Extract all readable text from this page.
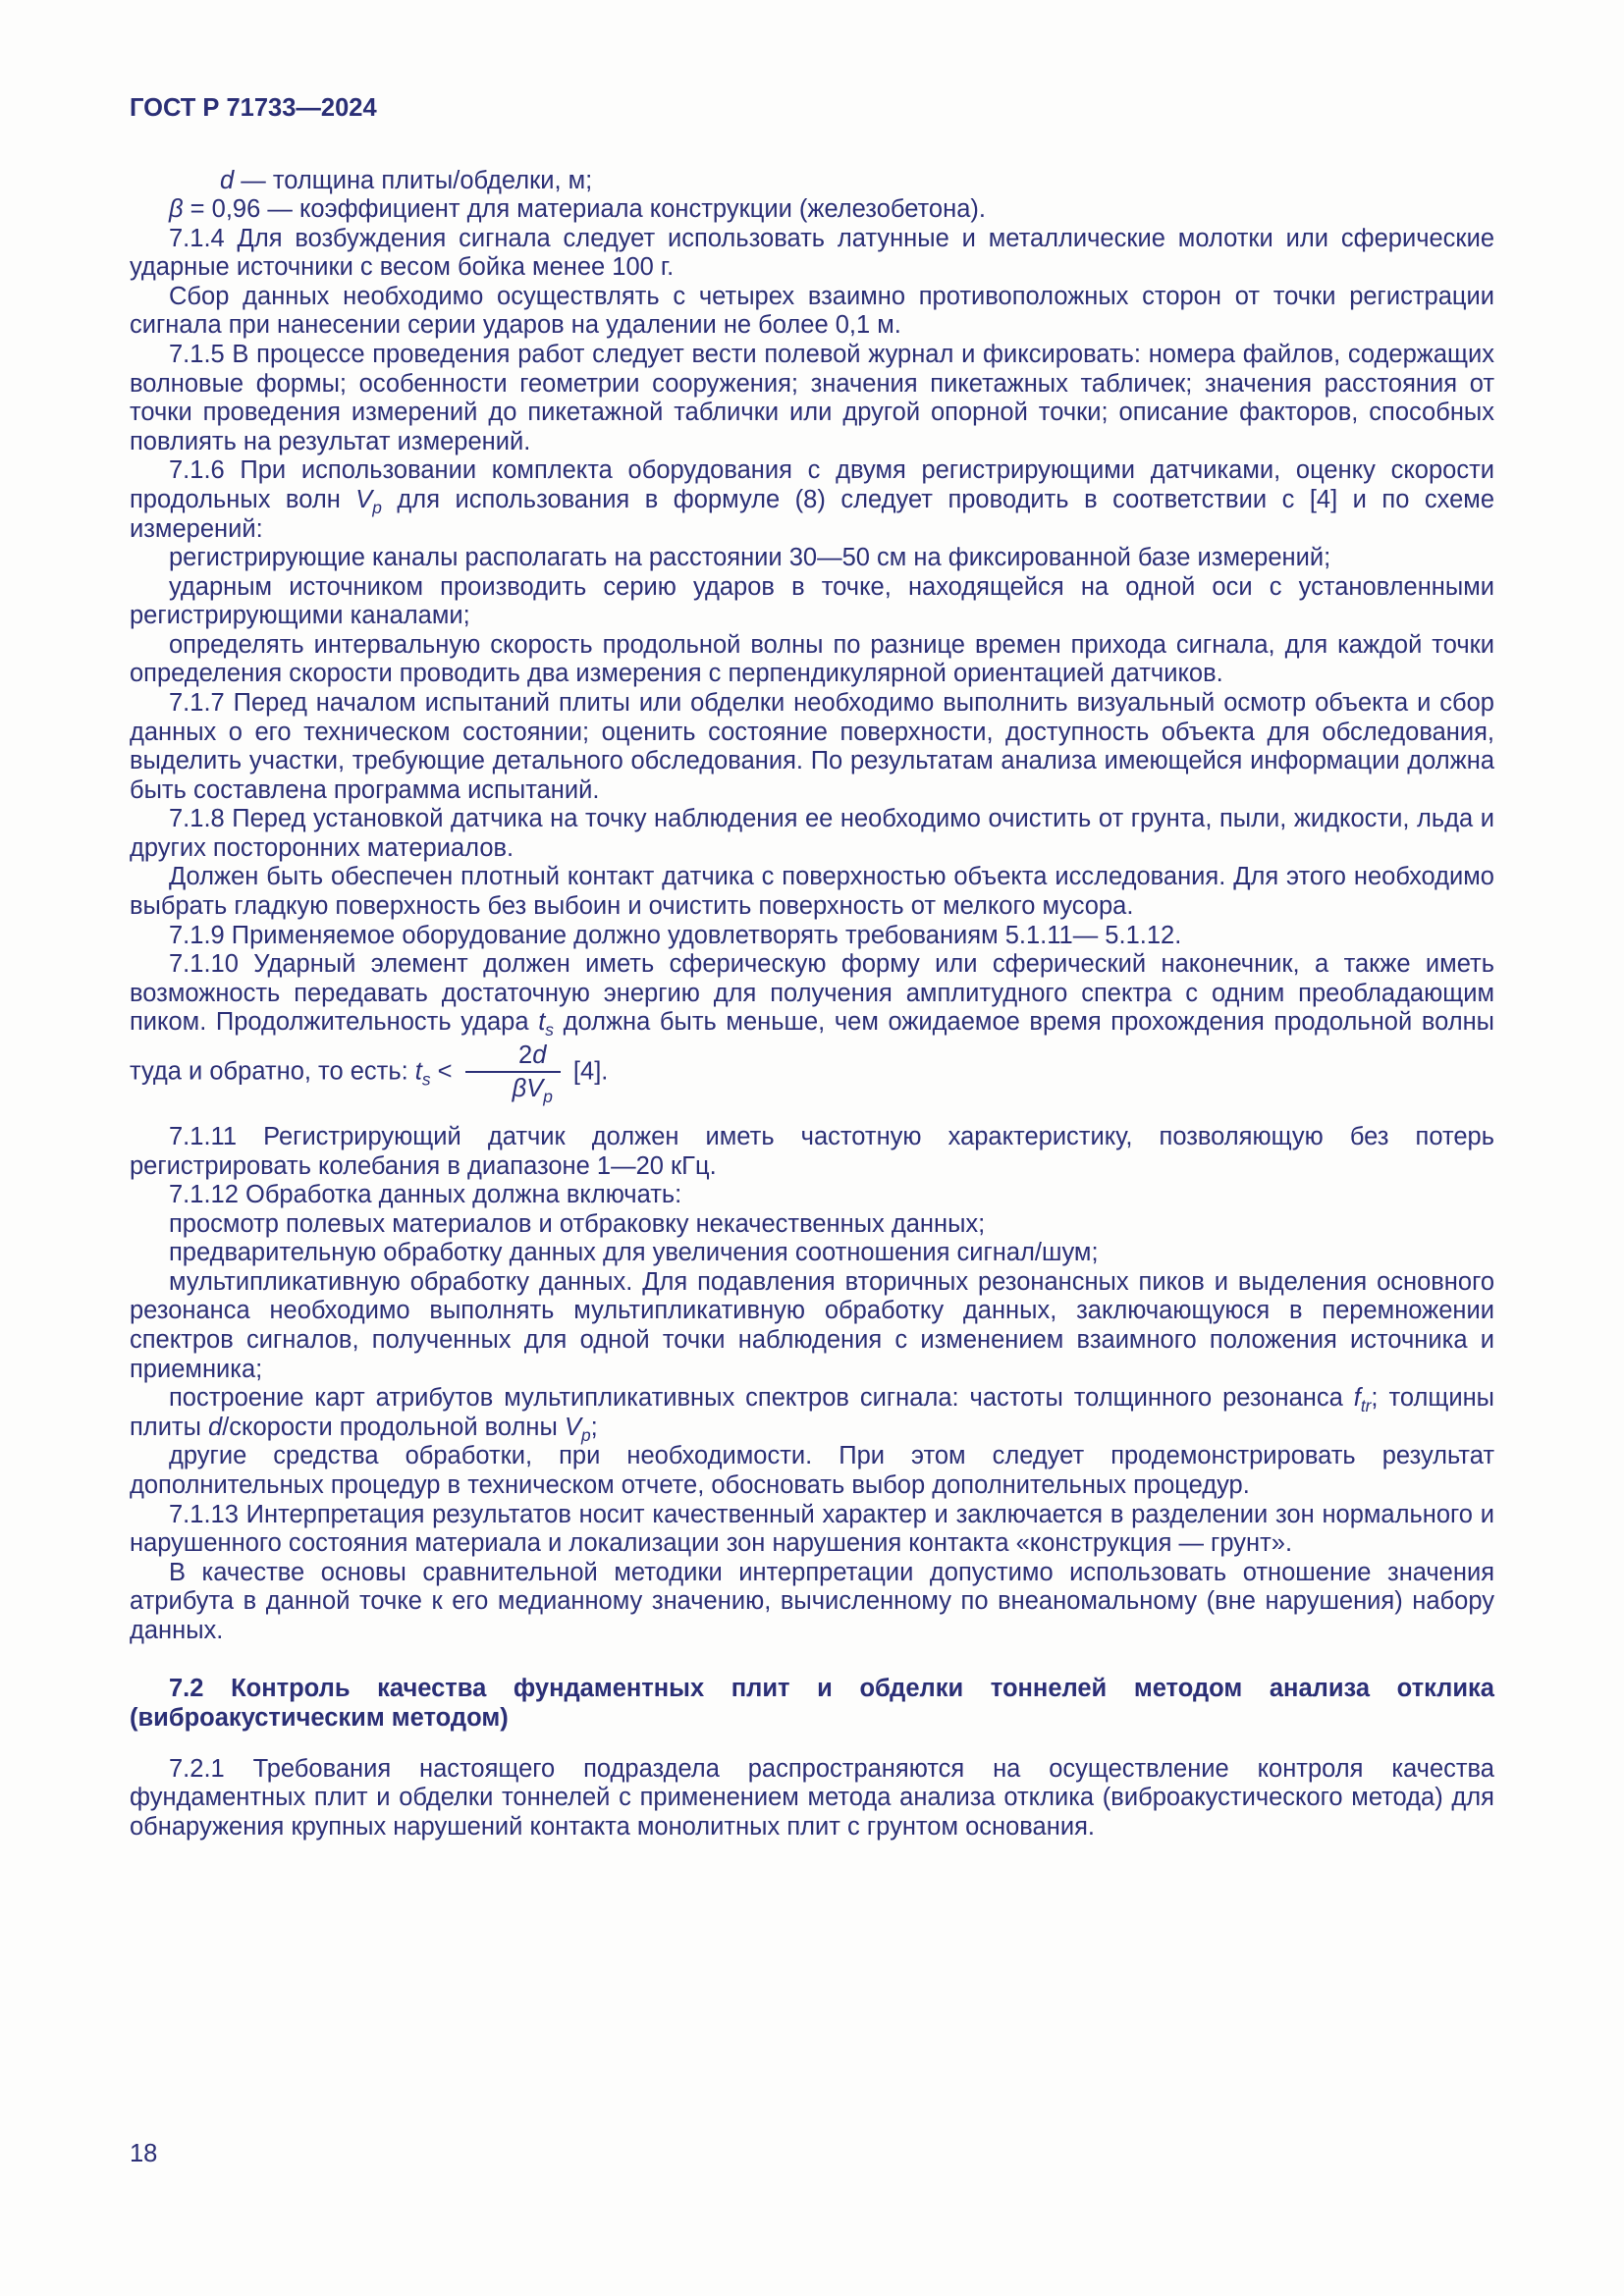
ГОСТ Р 71733—2024

d — толщина плиты/обделки, м;

β = 0,96 — коэффициент для материала конструкции (железобетона).

7.1.4 Для возбуждения сигнала следует использовать латунные и металлические молотки или сферические ударные источники с весом бойка менее 100 г.

Сбор данных необходимо осуществлять с четырех взаимно противоположных сторон от точки регистрации сигнала при нанесении серии ударов на удалении не более 0,1 м.

7.1.5 В процессе проведения работ следует вести полевой журнал и фиксировать: номера файлов, содержащих волновые формы; особенности геометрии сооружения; значения пикетажных табличек; значения расстояния от точки проведения измерений до пикетажной таблички или другой опорной точки; описание факторов, способных повлиять на результат измерений.

7.1.6 При использовании комплекта оборудования с двумя регистрирующими датчиками, оценку скорости продольных волн $V_p$ для использования в формуле (8) следует проводить в соответствии с [4] и по схеме измерений:

регистрирующие каналы располагать на расстоянии 30—50 см на фиксированной базе измерений;

ударным источником производить серию ударов в точке, находящейся на одной оси с установленными регистрирующими каналами;

определять интервальную скорость продольной волны по разнице времен прихода сигнала, для каждой точки определения скорости проводить два измерения с перпендикулярной ориентацией датчиков.

7.1.7 Перед началом испытаний плиты или обделки необходимо выполнить визуальный осмотр объекта и сбор данных о его техническом состоянии; оценить состояние поверхности, доступность объекта для обследования, выделить участки, требующие детального обследования. По результатам анализа имеющейся информации должна быть составлена программа испытаний.

7.1.8 Перед установкой датчика на точку наблюдения ее необходимо очистить от грунта, пыли, жидкости, льда и других посторонних материалов.

Должен быть обеспечен плотный контакт датчика с поверхностью объекта исследования. Для этого необходимо выбрать гладкую поверхность без выбоин и очистить поверхность от мелкого мусора.

7.1.9 Применяемое оборудование должно удовлетворять требованиям 5.1.11— 5.1.12.

7.1.10 Ударный элемент должен иметь сферическую форму или сферический наконечник, а также иметь возможность передавать достаточную энергию для получения амплитудного спектра с одним преобладающим пиком. Продолжительность удара $t_s$ должна быть меньше, чем ожидаемое время прохождения продольной волны туда и обратно, то есть: $t_s < \frac{2d}{\beta V_p} [4]$.

7.1.11 Регистрирующий датчик должен иметь частотную характеристику, позволяющую без потерь регистрировать колебания в диапазоне 1—20 кГц.

7.1.12 Обработка данных должна включать:

просмотр полевых материалов и отбраковку некачественных данных;

предварительную обработку данных для увеличения соотношения сигнал/шум;

мультипликативную обработку данных. Для подавления вторичных резонансных пиков и выделения основного резонанса необходимо выполнять мультипликативную обработку данных, заключающуюся в перемножении спектров сигналов, полученных для одной точки наблюдения с изменением взаимного положения источника и приемника;

построение карт атрибутов мультипликативных спектров сигнала: частоты толщинного резонанса $f_{tr}$; толщины плиты d/скорости продольной волны $V_p$;

другие средства обработки, при необходимости. При этом следует продемонстрировать результат дополнительных процедур в техническом отчете, обосновать выбор дополнительных процедур.

7.1.13 Интерпретация результатов носит качественный характер и заключается в разделении зон нормального и нарушенного состояния материала и локализации зон нарушения контакта «конструкция — грунт».

В качестве основы сравнительной методики интерпретации допустимо использовать отношение значения атрибута в данной точке к его медианному значению, вычисленному по внеаномальному (вне нарушения) набору данных.

7.2 Контроль качества фундаментных плит и обделки тоннелей методом анализа отклика (виброакустическим методом)

7.2.1 Требования настоящего подраздела распространяются на осуществление контроля качества фундаментных плит и обделки тоннелей с применением метода анализа отклика (виброакустического метода) для обнаружения крупных нарушений контакта монолитных плит с грунтом основания.

18
